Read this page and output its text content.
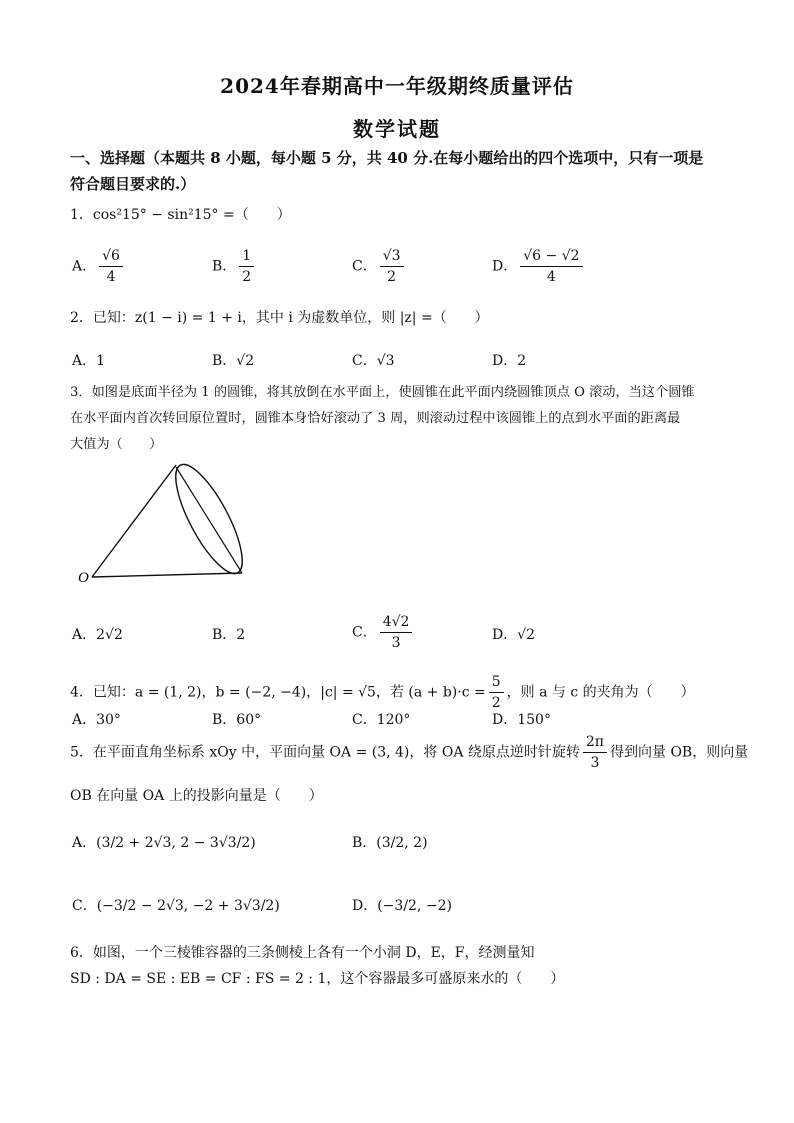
2024年春期高中一年级期终质量评估
数学试题
一、选择题（本题共 8 小题，每小题 5 分，共 40 分.在每小题给出的四个选项中，只有一项是
符合题目要求的.）
1．cos²15° − sin²15° =（　　）
A． $\frac{√6}{4}$	B． $\frac{1}{2}$	C． $\frac{√3}{2}$	D． $\frac{√6 - √2}{4}$
2．已知：z(1 − i) = 1 + i，其中 i 为虚数单位，则 |z| =（　　）
A．1	B．√2	C．√3	D．2
3．如图是底面半径为 1 的圆锥，将其放倒在水平面上，使圆锥在此平面内绕圆锥顶点 O 滚动，当这个圆锥
在水平面内首次转回原位置时，圆锥本身恰好滚动了 3 周，则滚动过程中该圆锥上的点到水平面的距离最
大值为（　　）
O
A．2√2	B．2	C． $\frac{4√2}{3}$	D．√2
4．已知：a = (1, 2)，b = (−2, −4)，|c| = √5，若 $(a + b)\cdot c = \frac{5}{2}$ ，则 a 与 c 的夹角为（　　）
A．30°	B．60°	C．120°	D．150°
5．在平面直角坐标系 xOy 中，平面向量 OA = (3, 4)，将 OA 绕原点逆时针旋转 $\frac{2\pi}{3}$ 得到向量 OB，则向量
OB 在向量 OA 上的投影向量是（　　）
A．(3/2 + 2√3, 2 − 3√3/2)	B．(3/2, 2)
C．(−3/2 − 2√3, −2 + 3√3/2)	D．(−3/2, −2)
6．如图，一个三棱锥容器的三条侧棱上各有一个小洞 D，E，F，经测量知
SD : DA = SE : EB = CF : FS = 2 : 1，这个容器最多可盛原来水的（　　）
